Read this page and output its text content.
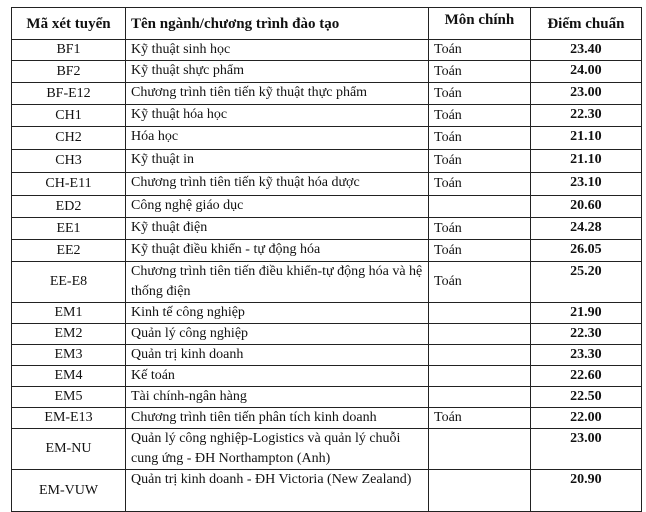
Mã xét tuyển	Tên ngành/chương trình đào tạo	Môn chính	Điểm chuẩn
BF1	Kỹ thuật sinh học	Toán	23.40
BF2	Kỹ thuật shực phẩm	Toán	24.00
BF-E12	Chương trình tiên tiến kỹ thuật thực phẩm	Toán	23.00
CH1	Kỹ thuật hóa học	Toán	22.30
CH2	Hóa học	Toán	21.10
CH3	Kỹ thuật in	Toán	21.10
CH-E11	Chương trình tiên tiến kỹ thuật hóa dược	Toán	23.10
ED2	Công nghệ giáo dục		20.60
EE1	Kỹ thuật điện	Toán	24.28
EE2	Kỹ thuật điều khiển - tự động hóa	Toán	26.05
EE-E8	Chương trình tiên tiến điều khiển-tự động hóa và hệ thống điện	Toán	25.20
EM1	Kinh tế công nghiệp		21.90
EM2	Quản lý công nghiệp		22.30
EM3	Quản trị kinh doanh		23.30
EM4	Kế toán		22.60
EM5	Tài chính-ngân hàng		22.50
EM-E13	Chương trình tiên tiến phân tích kinh doanh	Toán	22.00
EM-NU	Quản lý công nghiệp-Logistics và quản lý chuỗi cung ứng - ĐH Northampton (Anh)		23.00
EM-VUW	Quản trị kinh doanh - ĐH Victoria (New Zealand)		20.90
